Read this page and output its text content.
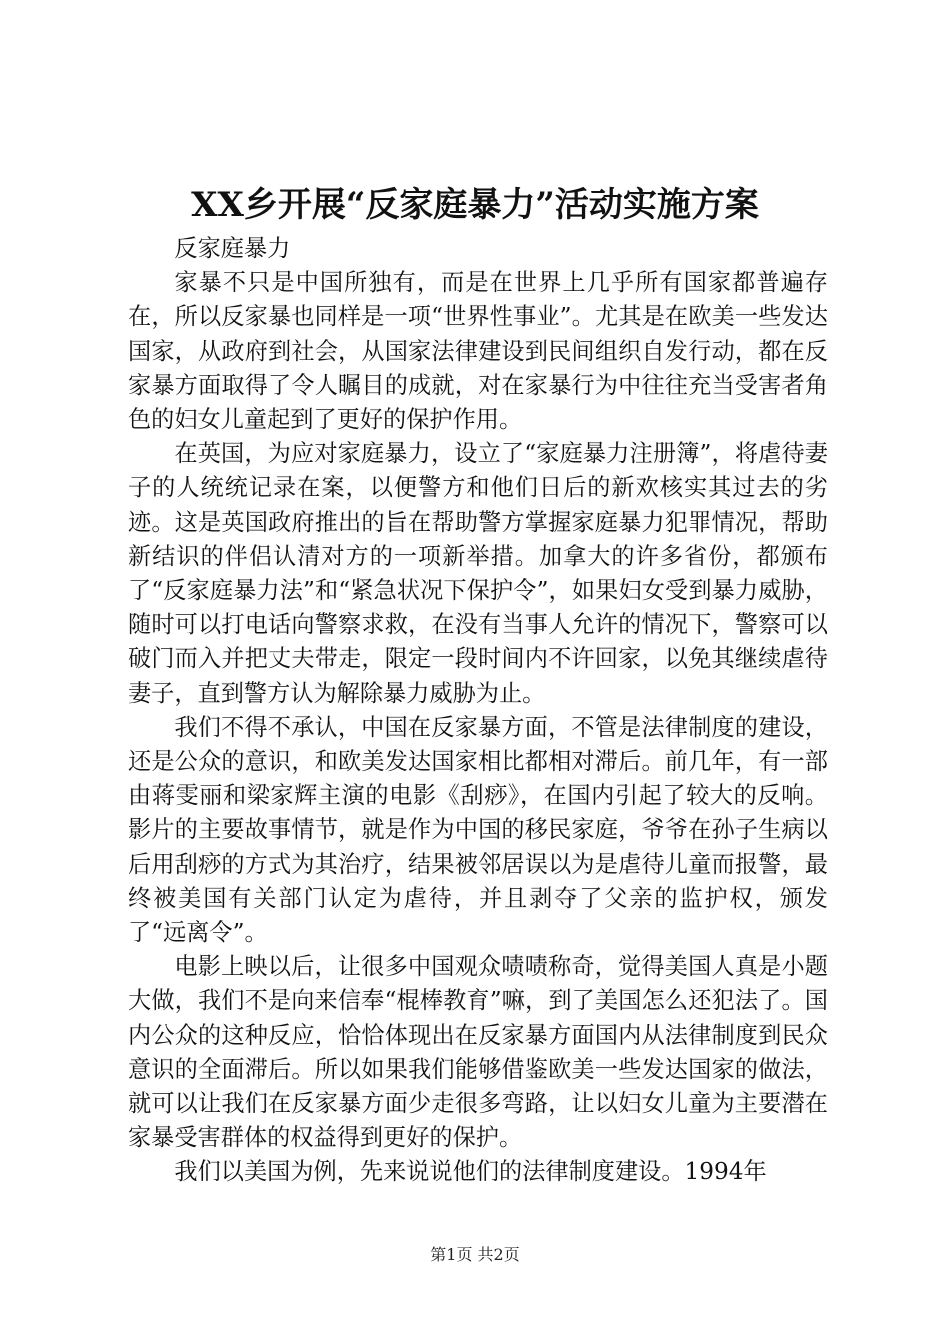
XX乡开展“反家庭暴力”活动实施方案

反家庭暴力

家暴不只是中国所独有，而是在世界上几乎所有国家都普遍存在，所以反家暴也同样是一项“世界性事业”。尤其是在欧美一些发达国家，从政府到社会，从国家法律建设到民间组织自发行动，都在反家暴方面取得了令人瞩目的成就，对在家暴行为中往往充当受害者角色的妇女儿童起到了更好的保护作用。

在英国，为应对家庭暴力，设立了“家庭暴力注册簿”，将虐待妻子的人统统记录在案，以便警方和他们日后的新欢核实其过去的劣迹。这是英国政府推出的旨在帮助警方掌握家庭暴力犯罪情况，帮助新结识的伴侣认清对方的一项新举措。加拿大的许多省份，都颁布了“反家庭暴力法”和“紧急状况下保护令”，如果妇女受到暴力威胁，随时可以打电话向警察求救，在没有当事人允许的情况下，警察可以破门而入并把丈夫带走，限定一段时间内不许回家，以免其继续虐待妻子，直到警方认为解除暴力威胁为止。

我们不得不承认，中国在反家暴方面，不管是法律制度的建设，还是公众的意识，和欧美发达国家相比都相对滞后。前几年，有一部由蒋雯丽和梁家辉主演的电影《刮痧》，在国内引起了较大的反响。影片的主要故事情节，就是作为中国的移民家庭，爷爷在孙子生病以后用刮痧的方式为其治疗，结果被邻居误以为是虐待儿童而报警，最终被美国有关部门认定为虐待，并且剥夺了父亲的监护权，颁发了“远离令”。

电影上映以后，让很多中国观众啧啧称奇，觉得美国人真是小题大做，我们不是向来信奉“棍棒教育”嘛，到了美国怎么还犯法了。国内公众的这种反应，恰恰体现出在反家暴方面国内从法律制度到民众意识的全面滞后。所以如果我们能够借鉴欧美一些发达国家的做法，就可以让我们在反家暴方面少走很多弯路，让以妇女儿童为主要潜在家暴受害群体的权益得到更好的保护。

我们以美国为例，先来说说他们的法律制度建设。1994年

第1页 共2页
